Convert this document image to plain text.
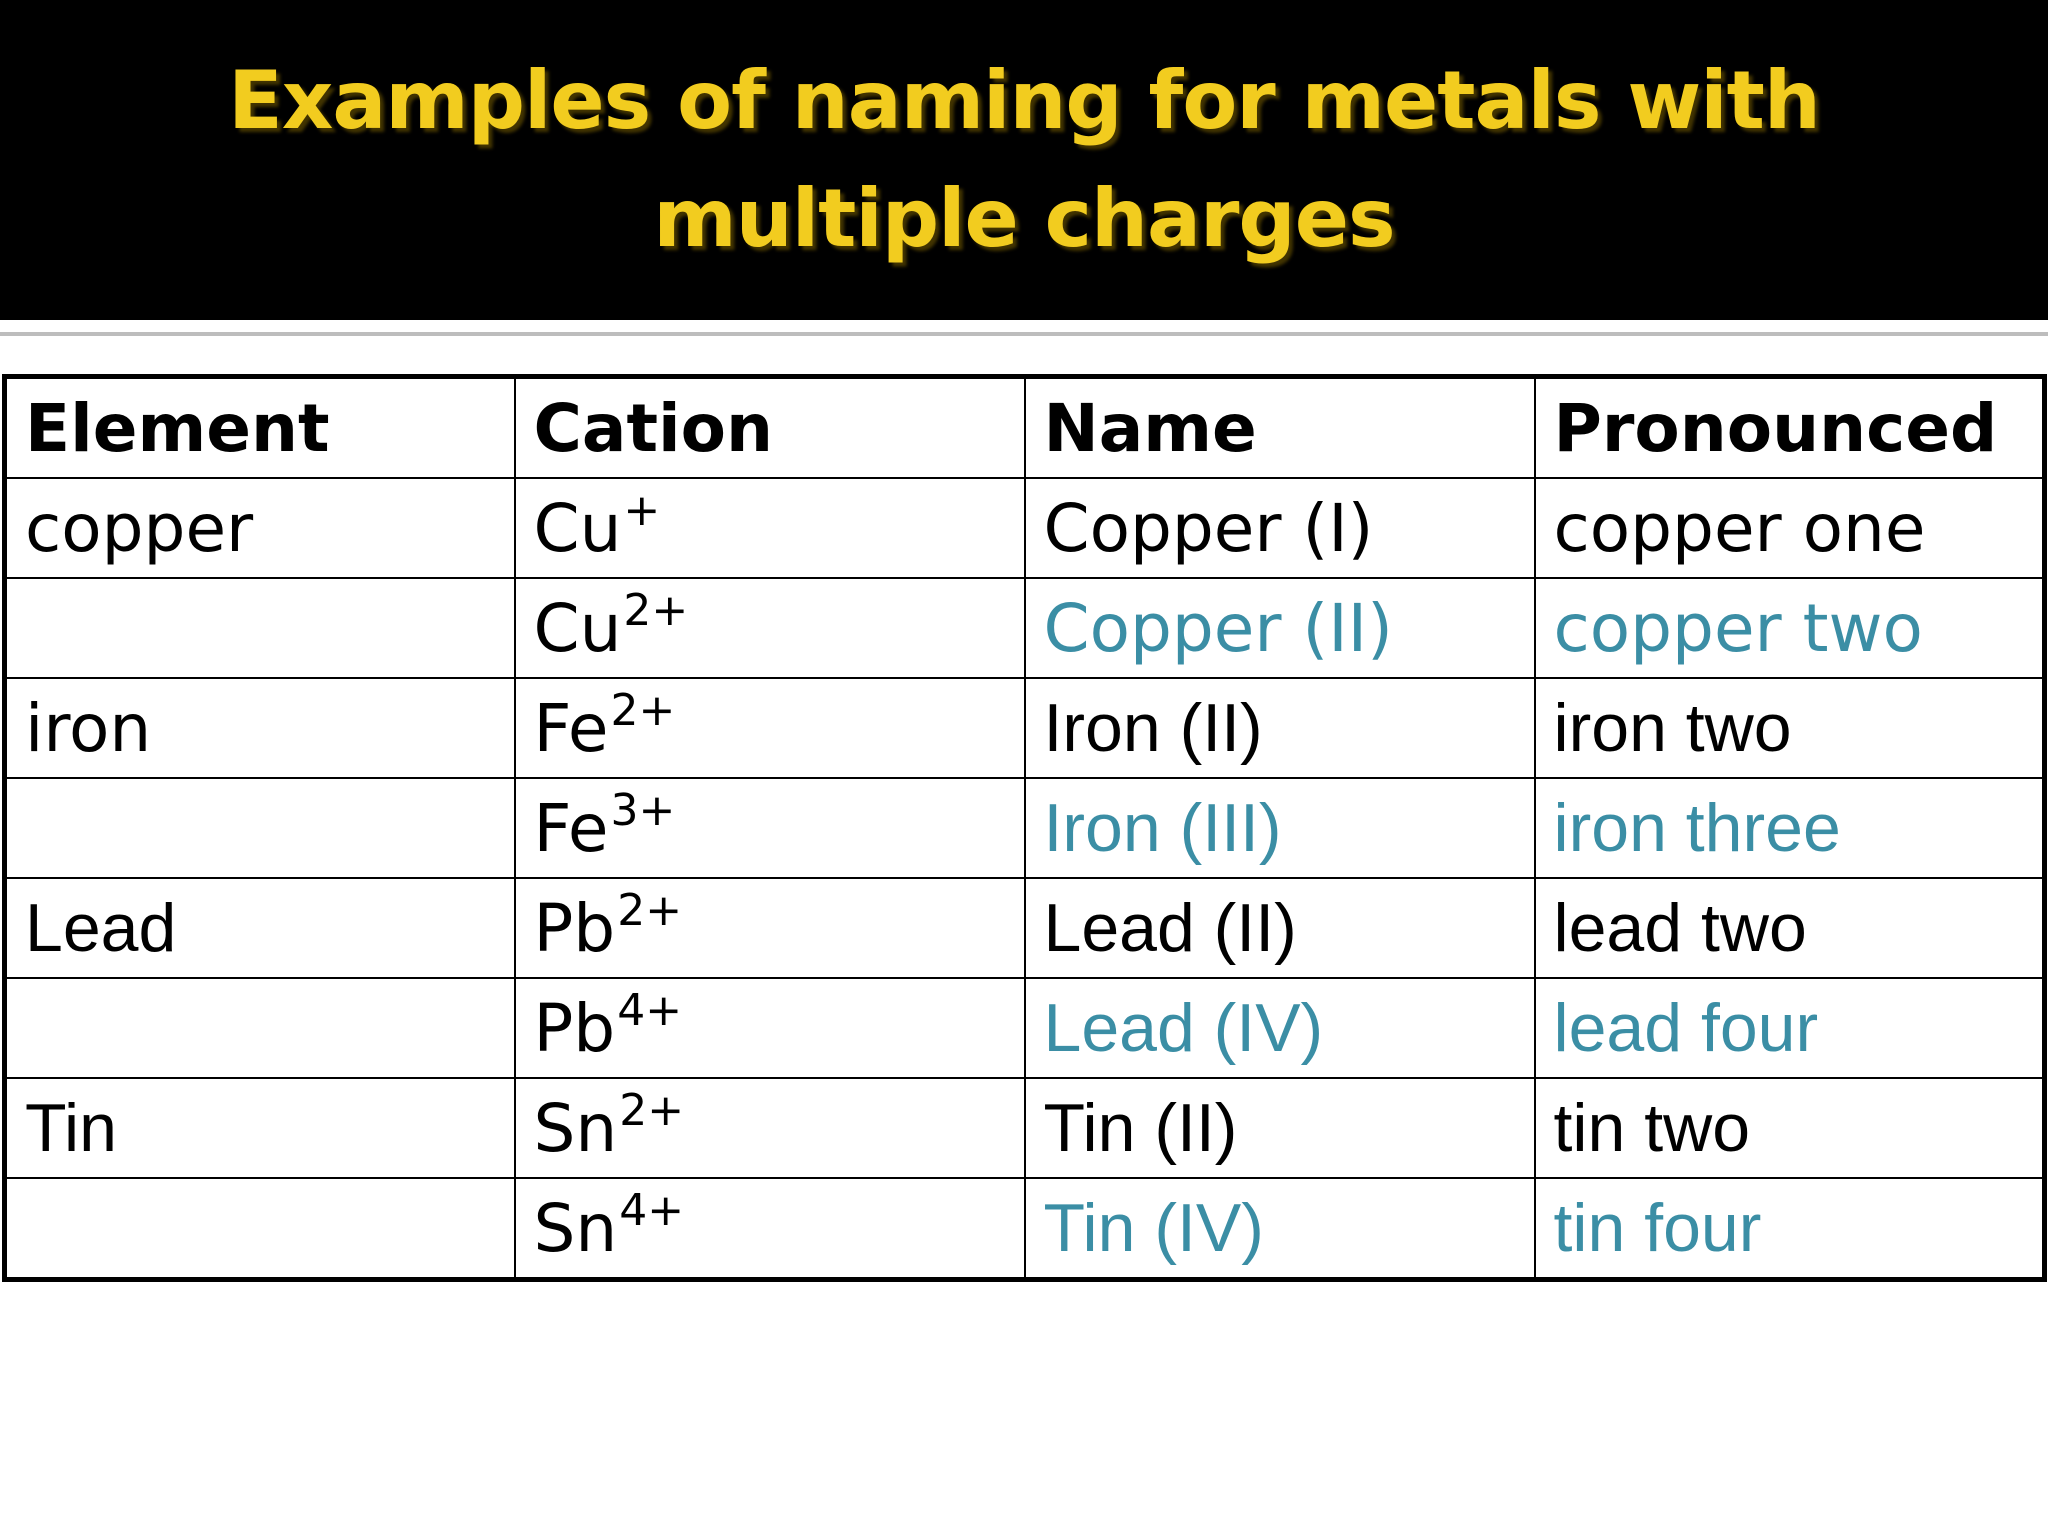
Examples of naming for metals with multiple charges
Element	Cation	Name	Pronounced
copper	Cu+	Copper (I)	copper one
	$Cu^{2+}$	Copper (II)	copper two
iron	$Fe^{2+}$	Iron (II)	iron two
	$Fe^{3+}$	Iron (III)	iron three
Lead	$Pb^{2+}$	Lead (II)	lead two
	$Pb^{4+}$	Lead (IV)	lead four
Tin	$Sn^{2+}$	Tin (II)	tin two
	$Sn^{4+}$	Tin (IV)	tin four
